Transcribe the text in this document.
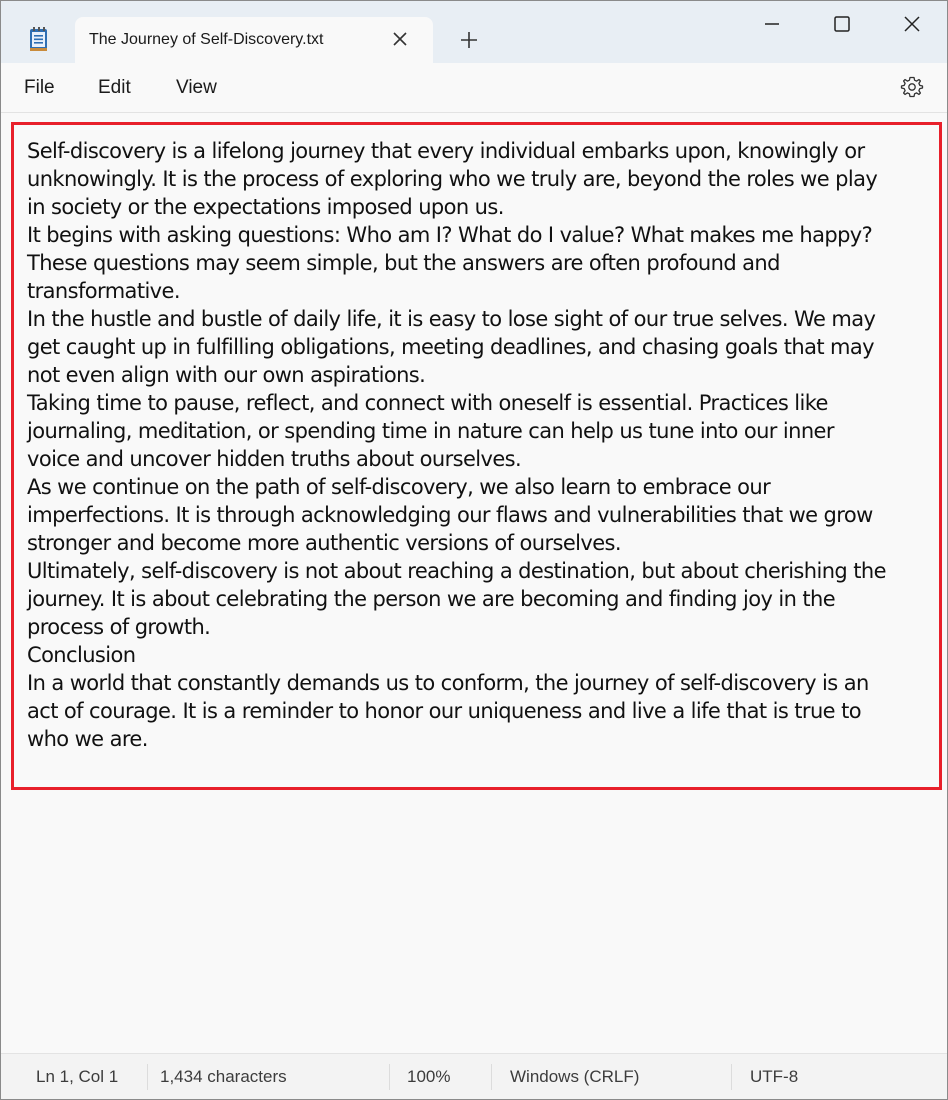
The Journey of Self-Discovery.txt
File Edit View
Self-discovery is a lifelong journey that every individual embarks upon, knowingly or
unknowingly. It is the process of exploring who we truly are, beyond the roles we play
in society or the expectations imposed upon us.
It begins with asking questions: Who am I? What do I value? What makes me happy?
These questions may seem simple, but the answers are often profound and
transformative.
In the hustle and bustle of daily life, it is easy to lose sight of our true selves. We may
get caught up in fulfilling obligations, meeting deadlines, and chasing goals that may
not even align with our own aspirations.
Taking time to pause, reflect, and connect with oneself is essential. Practices like
journaling, meditation, or spending time in nature can help us tune into our inner
voice and uncover hidden truths about ourselves.
As we continue on the path of self-discovery, we also learn to embrace our
imperfections. It is through acknowledging our flaws and vulnerabilities that we grow
stronger and become more authentic versions of ourselves.
Ultimately, self-discovery is not about reaching a destination, but about cherishing the
journey. It is about celebrating the person we are becoming and finding joy in the
process of growth.
Conclusion
In a world that constantly demands us to conform, the journey of self-discovery is an
act of courage. It is a reminder to honor our uniqueness and live a life that is true to
who we are.
Ln 1, Col 1 1,434 characters	100%	Windows (CRLF)	UTF-8
